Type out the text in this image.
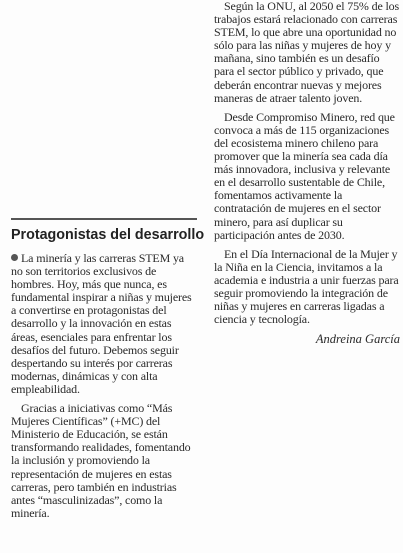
Protagonistas del desarrollo

La minería y las carreras STEM ya no son territorios exclusivos de hombres. Hoy, más que nunca, es fundamental inspirar a niñas y mujeres a convertirse en protagonistas del desarrollo y la innovación en estas áreas, esenciales para enfrentar los desafíos del futuro. Debemos seguir despertando su interés por carreras modernas, dinámicas y con alta empleabilidad.

Gracias a iniciativas como “Más Mujeres Científicas” (+MC) del Ministerio de Educación, se están transformando realidades, fomentando la inclusión y promoviendo la representación de mujeres en estas carreras, pero también en industrias antes “masculinizadas”, como la minería.

Según la ONU, al 2050 el 75% de los trabajos estará relacionado con carreras STEM, lo que abre una oportunidad no sólo para las niñas y mujeres de hoy y mañana, sino también es un desafío para el sector público y privado, que deberán encontrar nuevas y mejores maneras de atraer talento joven.

Desde Compromiso Minero, red que convoca a más de 115 organizaciones del ecosistema minero chileno para promover que la minería sea cada día más innovadora, inclusiva y relevante en el desarrollo sustentable de Chile, fomentamos activamente la contratación de mujeres en el sector minero, para así duplicar su participación antes de 2030.

En el Día Internacional de la Mujer y la Niña en la Ciencia, invitamos a la academia e industria a unir fuerzas para seguir promoviendo la integración de niñas y mujeres en carreras ligadas a ciencia y tecnología.

Andreina García
